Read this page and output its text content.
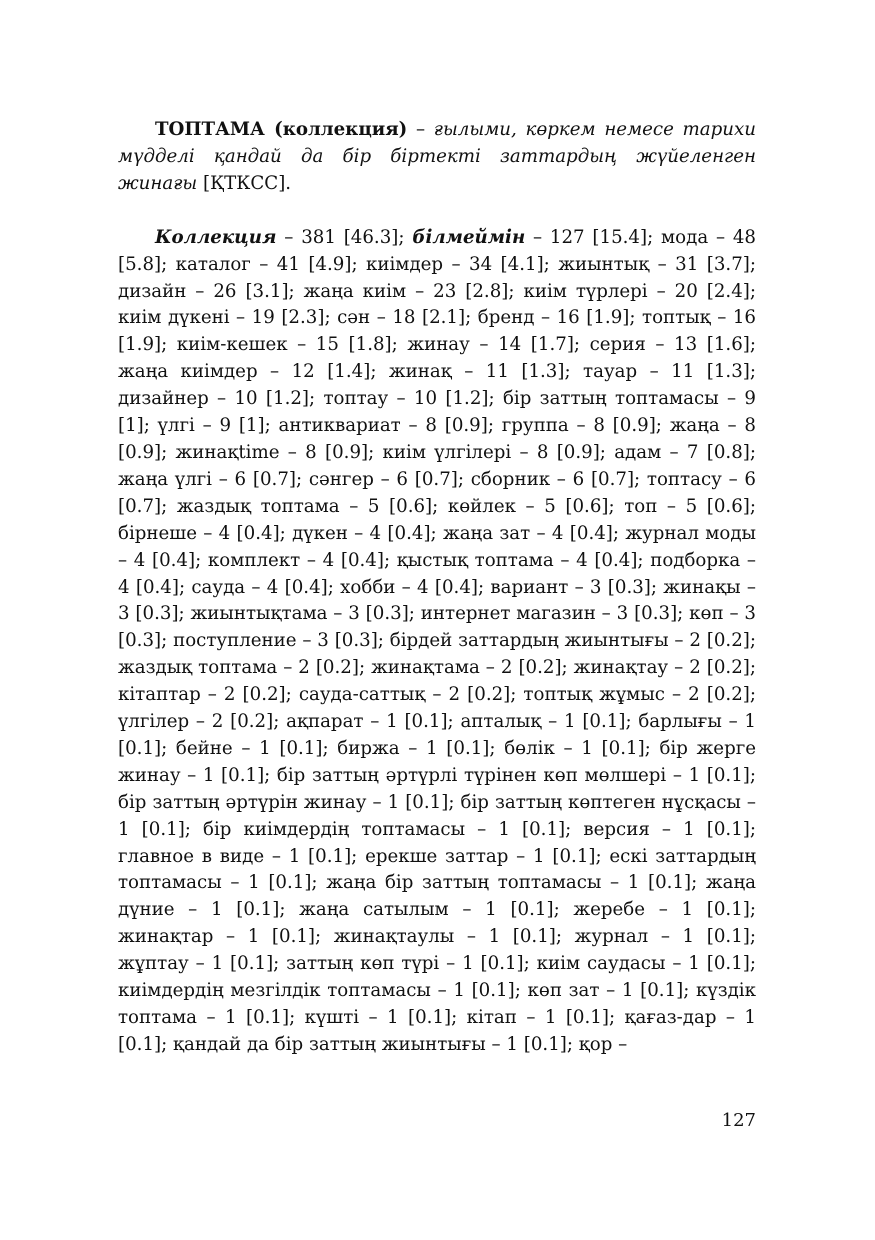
ТОПТАМА (коллекция) – ғылыми, көркем немесе тарихи мүдделі қандай да бір біртекті заттардың жүйеленген жинағы [ҚТКСС].

Коллекция – 381 [46.3]; білмеймін – 127 [15.4]; мода – 48 [5.8]; каталог – 41 [4.9]; киімдер – 34 [4.1]; жиынтық – 31 [3.7]; дизайн – 26 [3.1]; жаңа киім – 23 [2.8]; киім түрлері – 20 [2.4]; киім дүкені – 19 [2.3]; сән – 18 [2.1]; бренд – 16 [1.9]; топтық – 16 [1.9]; киім-кешек – 15 [1.8]; жинау – 14 [1.7]; серия – 13 [1.6]; жаңа киімдер – 12 [1.4]; жинақ – 11 [1.3]; тауар – 11 [1.3]; дизайнер – 10 [1.2]; топтау – 10 [1.2]; бір заттың топтамасы – 9 [1]; үлгі – 9 [1]; антиквариат – 8 [0.9]; группа – 8 [0.9]; жаңа – 8 [0.9]; жинақtime – 8 [0.9]; киім үлгілері – 8 [0.9]; адам – 7 [0.8]; жаңа үлгі – 6 [0.7]; сәнгер – 6 [0.7]; сборник – 6 [0.7]; топтасу – 6 [0.7]; жаздық топтама – 5 [0.6]; көйлек – 5 [0.6]; топ – 5 [0.6]; бірнеше – 4 [0.4]; дүкен – 4 [0.4]; жаңа зат – 4 [0.4]; журнал моды – 4 [0.4]; комплект – 4 [0.4]; қыстық топтама – 4 [0.4]; подборка – 4 [0.4]; сауда – 4 [0.4]; хобби – 4 [0.4]; вариант – 3 [0.3]; жинақы – 3 [0.3]; жиынтықтама – 3 [0.3]; интернет магазин – 3 [0.3]; көп – 3 [0.3]; поступление – 3 [0.3]; бірдей заттардың жиынтығы – 2 [0.2]; жаздық топтама – 2 [0.2]; жинақтама – 2 [0.2]; жинақтау – 2 [0.2]; кітаптар – 2 [0.2]; сауда-саттық – 2 [0.2]; топтық жұмыс – 2 [0.2]; үлгілер – 2 [0.2]; ақпарат – 1 [0.1]; апталық – 1 [0.1]; барлығы – 1 [0.1]; бейне – 1 [0.1]; биржа – 1 [0.1]; бөлік – 1 [0.1]; бір жерге жинау – 1 [0.1]; бір заттың әртүрлі түрінен көп мөлшері – 1 [0.1]; бір заттың әртүрін жинау – 1 [0.1]; бір заттың көптеген нұсқасы – 1 [0.1]; бір киімдердің топтамасы – 1 [0.1]; версия – 1 [0.1]; главное в виде – 1 [0.1]; ерекше заттар – 1 [0.1]; ескі заттардың топтамасы – 1 [0.1]; жаңа бір заттың топтамасы – 1 [0.1]; жаңа дүние – 1 [0.1]; жаңа сатылым – 1 [0.1]; жеребе – 1 [0.1]; жинақтар – 1 [0.1]; жинақтаулы – 1 [0.1]; журнал – 1 [0.1]; жұптау – 1 [0.1]; заттың көп түрі – 1 [0.1]; киім саудасы – 1 [0.1]; киімдердің мезгілдік топтамасы – 1 [0.1]; көп зат – 1 [0.1]; күздік топтама – 1 [0.1]; күшті – 1 [0.1]; кітап – 1 [0.1]; қағаз-дар – 1 [0.1]; қандай да бір заттың жиынтығы – 1 [0.1]; қор –

127
